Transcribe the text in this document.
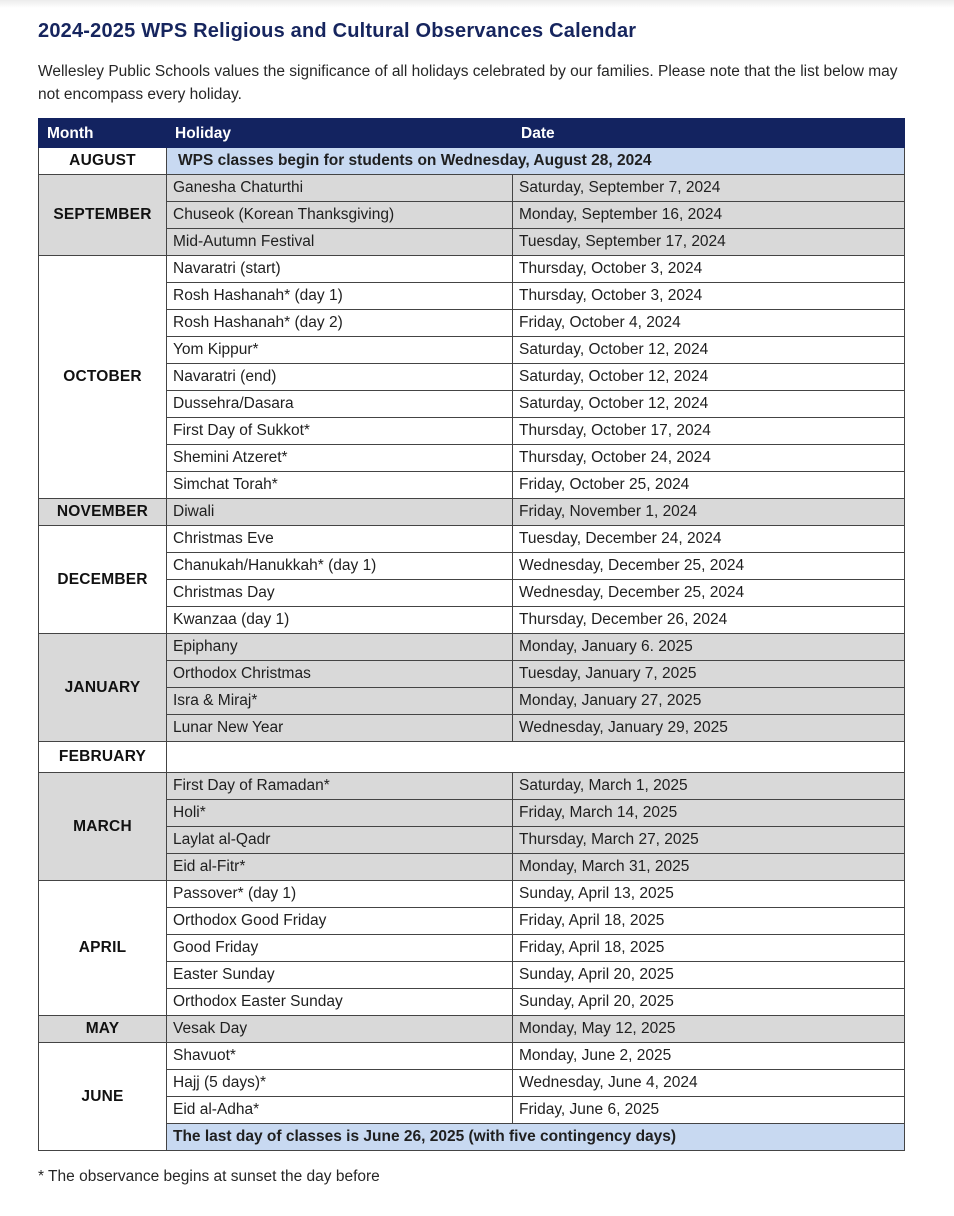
2024-2025 WPS Religious and Cultural Observances Calendar

Wellesley Public Schools values the significance of all holidays celebrated by our families. Please note that the list below may not encompass every holiday.

Month	Holiday	Date
AUGUST	WPS classes begin for students on Wednesday, August 28, 2024	
SEPTEMBER	Ganesha Chaturthi	Saturday, September 7, 2024
	Chuseok (Korean Thanksgiving)	Monday, September 16, 2024
	Mid-Autumn Festival	Tuesday, September 17, 2024
OCTOBER	Navaratri (start)	Thursday, October 3, 2024
	Rosh Hashanah* (day 1)	Thursday, October 3, 2024
	Rosh Hashanah* (day 2)	Friday, October 4, 2024
	Yom Kippur*	Saturday, October 12, 2024
	Navaratri (end)	Saturday, October 12, 2024
	Dussehra/Dasara	Saturday, October 12, 2024
	First Day of Sukkot*	Thursday, October 17, 2024
	Shemini Atzeret*	Thursday, October 24, 2024
	Simchat Torah*	Friday, October 25, 2024
NOVEMBER	Diwali	Friday, November 1, 2024
DECEMBER	Christmas Eve	Tuesday, December 24, 2024
	Chanukah/Hanukkah* (day 1)	Wednesday, December 25, 2024
	Christmas Day	Wednesday, December 25, 2024
	Kwanzaa (day 1)	Thursday, December 26, 2024
JANUARY	Epiphany	Monday, January 6. 2025
	Orthodox Christmas	Tuesday, January 7, 2025
	Isra & Miraj*	Monday, January 27, 2025
	Lunar New Year	Wednesday, January 29, 2025
FEBRUARY		
MARCH	First Day of Ramadan*	Saturday, March 1, 2025
	Holi*	Friday, March 14, 2025
	Laylat al-Qadr	Thursday, March 27, 2025
	Eid al-Fitr*	Monday, March 31, 2025
APRIL	Passover* (day 1)	Sunday, April 13, 2025
	Orthodox Good Friday	Friday, April 18, 2025
	Good Friday	Friday, April 18, 2025
	Easter Sunday	Sunday, April 20, 2025
	Orthodox Easter Sunday	Sunday, April 20, 2025
MAY	Vesak Day	Monday, May 12, 2025
JUNE	Shavuot*	Monday, June 2, 2025
	Hajj (5 days)*	Wednesday, June 4, 2024
	Eid al-Adha*	Friday, June 6, 2025
	The last day of classes is June 26, 2025 (with five contingency days)	

* The observance begins at sunset the day before
